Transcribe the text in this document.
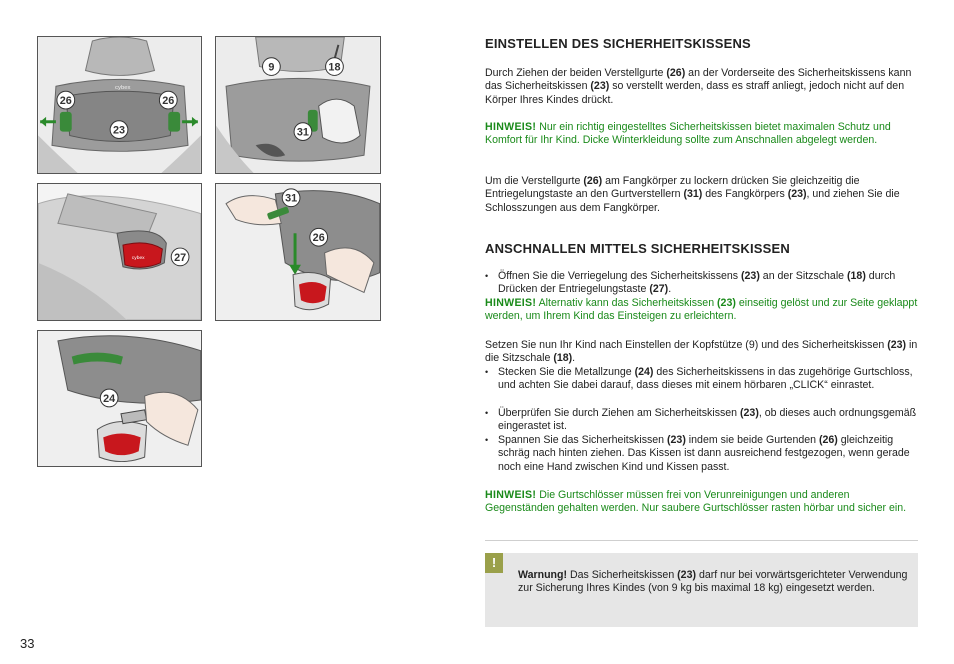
cybex
26	26
23
9	18
31
cybex	27
31
26
24
33
EINSTELLEN DES SICHERHEITSKISSENS

Durch Ziehen der beiden Verstellgurte (26) an der Vorderseite des Sicherheitskissens kann das Sicherheitskissen (23) so verstellt werden, dass es straff anliegt, jedoch nicht auf den Körper Ihres Kindes drückt.

HINWEIS! Nur ein richtig eingestelltes Sicherheitskissen bietet maximalen Schutz und Komfort für Ihr Kind. Dicke Winterkleidung sollte zum Anschnallen abgelegt werden.

Um die Verstellgurte (26) am Fangkörper zu lockern drücken Sie gleichzeitig die Entriegelungstaste an den Gurtverstellern (31) des Fangkörpers (23), und ziehen Sie die Schlosszungen aus dem Fangkörper.

ANSCHNALLEN MITTELS SICHERHEITSKISSEN
• Öffnen Sie die Verriegelung des Sicherheitskissens (23) an der Sitzschale (18) durch Drücken der Entriegelungstaste (27).

HINWEIS! Alternativ kann das Sicherheitskissen (23) einseitig gelöst und zur Seite geklappt werden, um Ihrem Kind das Einsteigen zu erleichtern.

Setzen Sie nun Ihr Kind nach Einstellen der Kopfstütze (9) und des Sicherheitskissen (23) in die Sitzschale (18).

• Stecken Sie die Metallzunge (24) des Sicherheitskissens in das zugehörige Gurtschloss, und achten Sie dabei darauf, dass dieses mit einem hörbaren „CLICK“ einrastet.
• Überprüfen Sie durch Ziehen am Sicherheitskissen (23), ob dieses auch ordnungsgemäß eingerastet ist.
• Spannen Sie das Sicherheitskissen (23) indem sie beide Gurtenden (26) gleichzeitig schräg nach hinten ziehen. Das Kissen ist dann ausreichend festgezogen, wenn gerade noch eine Hand zwischen Kind und Kissen passt.

HINWEIS! Die Gurtschlösser müssen frei von Verunreinigungen und anderen Gegenständen gehalten werden. Nur saubere Gurtschlösser rasten hörbar und sicher ein.

!
Warnung! Das Sicherheitskissen (23) darf nur bei vorwärtsgerichteter Verwendung zur Sicherung Ihres Kindes (von 9 kg bis maximal 18 kg) eingesetzt werden.
